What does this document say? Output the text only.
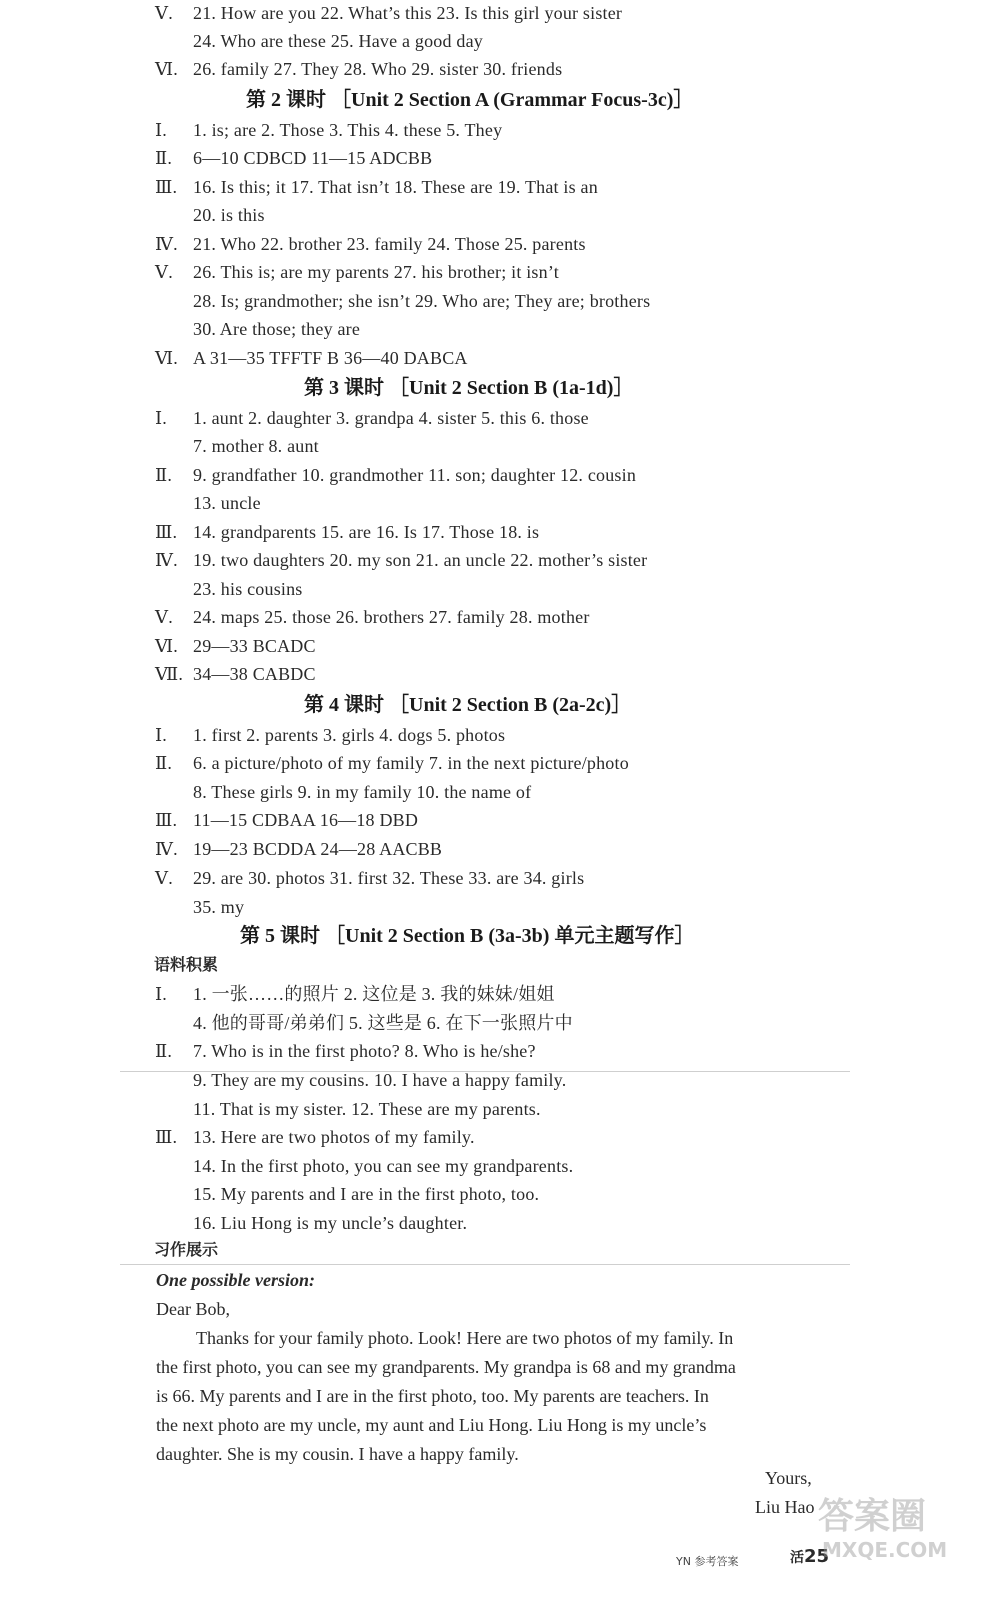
Ⅴ. 21. How are you 22. What’s this 23. Is this girl your sister
24. Who are these 25. Have a good day
Ⅵ. 26. family 27. They 28. Who 29. sister 30. friends
第 2 课时 ［Unit 2 Section A (Grammar Focus-3c)］
Ⅰ. 1. is; are 2. Those 3. This 4. these 5. They
Ⅱ. 6—10 CDBCD 11—15 ADCBB
Ⅲ. 16. Is this; it 17. That isn’t 18. These are 19. That is an
20. is this
Ⅳ. 21. Who 22. brother 23. family 24. Those 25. parents
Ⅴ. 26. This is; are my parents 27. his brother; it isn’t
28. Is; grandmother; she isn’t 29. Who are; They are; brothers
30. Are those; they are
Ⅵ. A 31—35 TFFTF B 36—40 DABCA
第 3 课时 ［Unit 2 Section B (1a-1d)］
Ⅰ. 1. aunt 2. daughter 3. grandpa 4. sister 5. this 6. those
7. mother 8. aunt
Ⅱ. 9. grandfather 10. grandmother 11. son; daughter 12. cousin
13. uncle
Ⅲ. 14. grandparents 15. are 16. Is 17. Those 18. is
Ⅳ. 19. two daughters 20. my son 21. an uncle 22. mother’s sister
23. his cousins
Ⅴ. 24. maps 25. those 26. brothers 27. family 28. mother
Ⅵ. 29—33 BCADC
Ⅶ. 34—38 CABDC
第 4 课时 ［Unit 2 Section B (2a-2c)］
Ⅰ. 1. first 2. parents 3. girls 4. dogs 5. photos
Ⅱ. 6. a picture/photo of my family 7. in the next picture/photo
8. These girls 9. in my family 10. the name of
Ⅲ. 11—15 CDBAA 16—18 DBD
Ⅳ. 19—23 BCDDA 24—28 AACBB
Ⅴ. 29. are 30. photos 31. first 32. These 33. are 34. girls
35. my
第 5 课时 ［Unit 2 Section B (3a-3b) 单元主题写作］
语料积累
Ⅰ. 1. 一张……的照片 2. 这位是 3. 我的妹妹/姐姐
4. 他的哥哥/弟弟们 5. 这些是 6. 在下一张照片中
Ⅱ. 7. Who is in the first photo? 8. Who is he/she?
9. They are my cousins. 10. I have a happy family.
11. That is my sister. 12. These are my parents.
Ⅲ. 13. Here are two photos of my family.
14. In the first photo, you can see my grandparents.
15. My parents and I are in the first photo, too.
16. Liu Hong is my uncle’s daughter.
习作展示
One possible version:
Dear Bob,
Thanks for your family photo. Look! Here are two photos of my family. In
the first photo, you can see my grandparents. My grandpa is 68 and my grandma
is 66. My parents and I are in the first photo, too. My parents are teachers. In
the next photo are my uncle, my aunt and Liu Hong. Liu Hong is my uncle’s
daughter. She is my cousin. I have a happy family.
Yours,
Liu Hao
YN 参考答案	活25
答案圈
MXQE.COM
